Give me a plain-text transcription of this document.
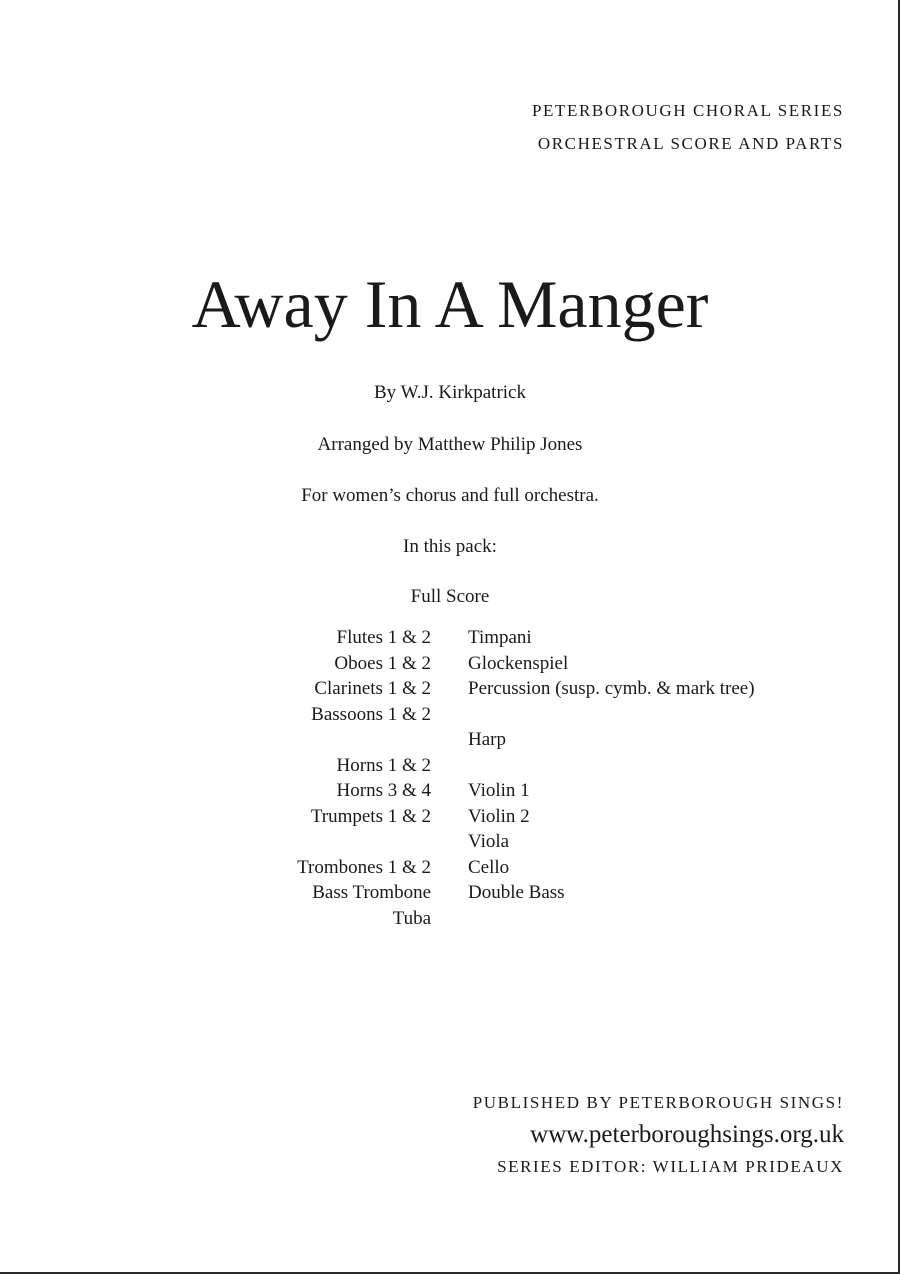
PETERBOROUGH CHORAL SERIES
ORCHESTRAL SCORE AND PARTS
Away In A Manger
By W.J. Kirkpatrick
Arranged by Matthew Philip Jones
For women’s chorus and full orchestra.
In this pack:
Full Score
Flutes 1 & 2
Oboes 1 & 2
Clarinets 1 & 2
Bassoons 1 & 2
Horns 1 & 2
Horns 3 & 4
Trumpets 1 & 2
Trombones 1 & 2
Bass Trombone
Tuba
Timpani
Glockenspiel
Percussion (susp. cymb. & mark tree)
Harp
Violin 1
Violin 2
Viola
Cello
Double Bass
PUBLISHED BY PETERBOROUGH SINGS!
www.peterboroughsings.org.uk
SERIES EDITOR: WILLIAM PRIDEAUX
